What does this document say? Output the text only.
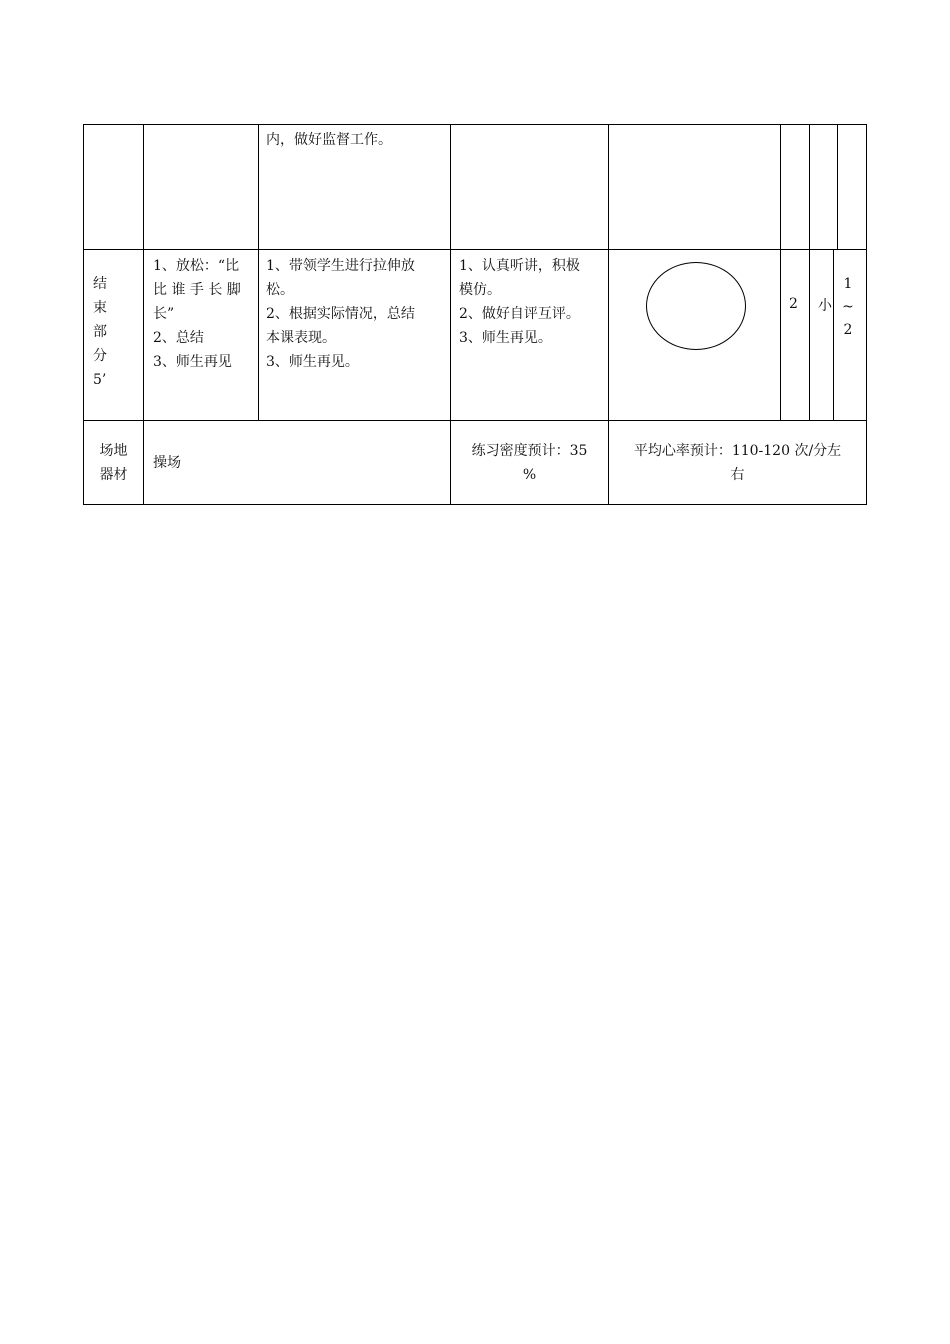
内，做好监督工作。
结
束
部
分
5’
1、放松：“比
比 谁 手 长 脚
长”
2、总结
3、师生再见
1、带领学生进行拉伸放
松。
2、根据实际情况，总结
本课表现。
3、师生再见。
1、认真听讲，积极
模仿。
2、做好自评互评。
3、师生再见。
2 小
1
~
2
场地
器材
操场
练习密度预计：35
%
平均心率预计：110-120 次/分左
右
